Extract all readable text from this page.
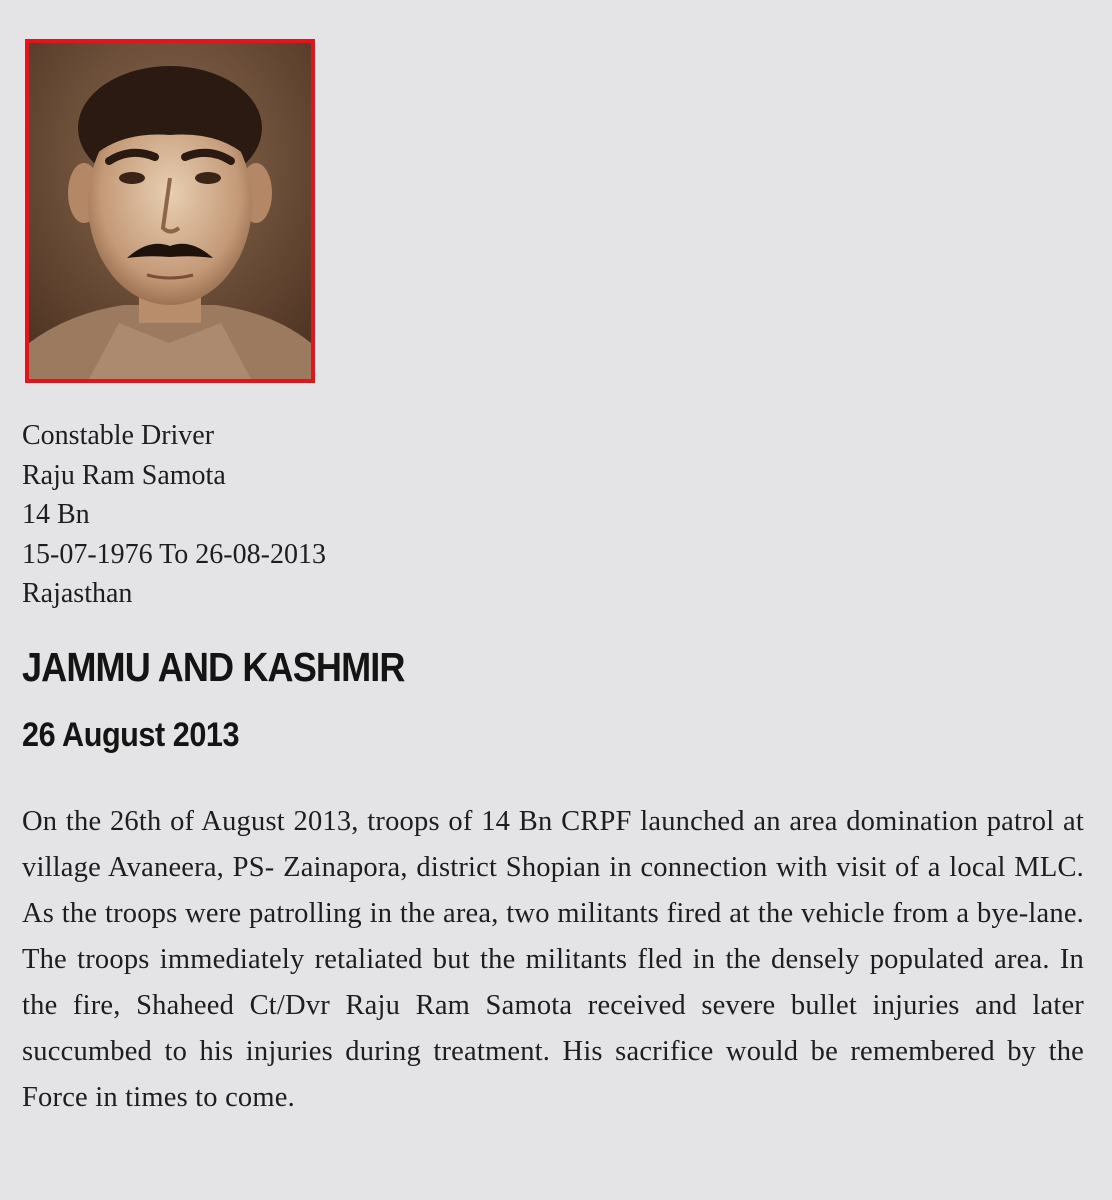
Constable Driver
Raju Ram Samota
14 Bn
15-07-1976 To 26-08-2013
Rajasthan
JAMMU AND KASHMIR
26 August 2013

On the 26th of August 2013, troops of 14 Bn CRPF launched an area domination patrol at village Avaneera, PS- Zainapora, district Shopian in connection with visit of a local MLC. As the troops were patrolling in the area, two militants fired at the vehicle from a bye-lane. The troops immediately retaliated but the militants fled in the densely populated area. In the fire, Shaheed Ct/Dvr Raju Ram Samota received severe bullet injuries and later succumbed to his injuries during treatment. His sacrifice would be remembered by the Force in times to come.
